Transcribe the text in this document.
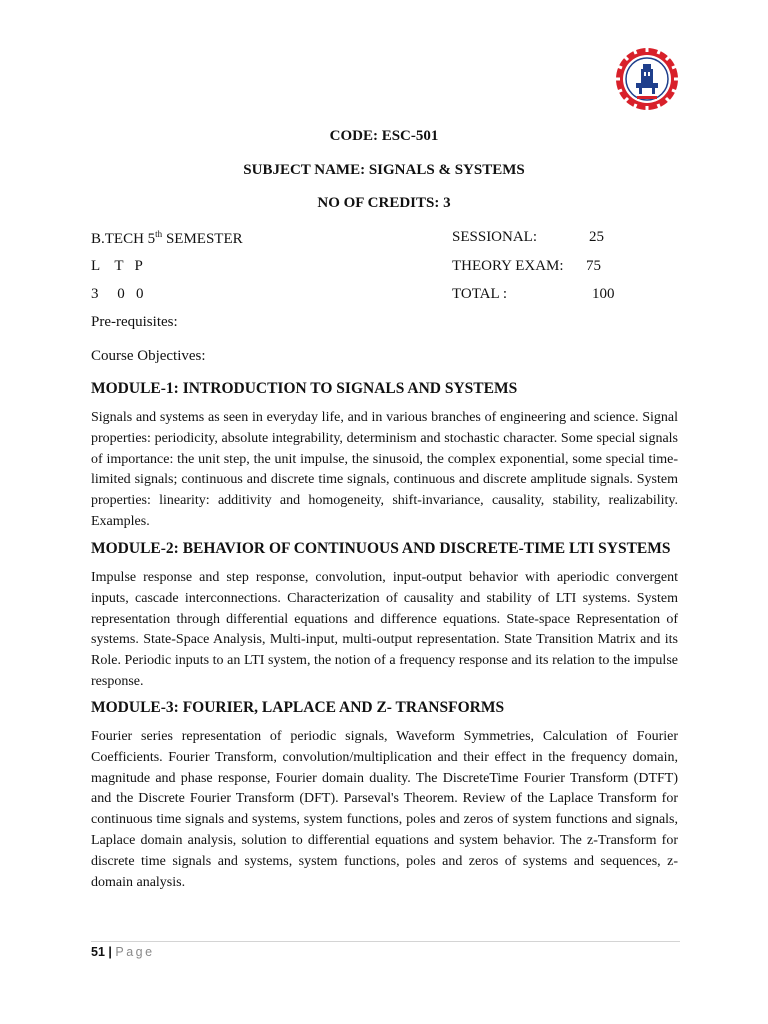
CODE: ESC-501
SUBJECT NAME: SIGNALS & SYSTEMS
NO OF CREDITS: 3
B.TECH 5th SEMESTER
L    T   P
3     0   0
SESSIONAL:	25
THEORY EXAM: 75
TOTAL :	100
Pre-requisites:
Course Objectives:
MODULE-1: INTRODUCTION TO SIGNALS AND SYSTEMS

Signals and systems as seen in everyday life, and in various branches of engineering and science. Signal properties: periodicity, absolute integrability, determinism and stochastic character. Some special signals of importance: the unit step, the unit impulse, the sinusoid, the complex exponential, some special time-limited signals; continuous and discrete time signals, continuous and discrete amplitude signals. System properties: linearity: additivity and homogeneity, shift-invariance, causality, stability, realizability. Examples.

MODULE-2: BEHAVIOR OF CONTINUOUS AND DISCRETE-TIME LTI SYSTEMS

Impulse response and step response, convolution, input-output behavior with aperiodic convergent inputs, cascade interconnections. Characterization of causality and stability of LTI systems. System representation through differential equations and difference equations. State-space Representation of systems. State-Space Analysis, Multi-input, multi-output representation. State Transition Matrix and its Role. Periodic inputs to an LTI system, the notion of a frequency response and its relation to the impulse response.

MODULE-3: FOURIER, LAPLACE AND Z- TRANSFORMS

Fourier series representation of periodic signals, Waveform Symmetries, Calculation of Fourier Coefficients. Fourier Transform, convolution/multiplication and their effect in the frequency domain, magnitude and phase response, Fourier domain duality. The DiscreteTime Fourier Transform (DTFT) and the Discrete Fourier Transform (DFT). Parseval's Theorem. Review of the Laplace Transform for continuous time signals and systems, system functions, poles and zeros of system functions and signals, Laplace domain analysis, solution to differential equations and system behavior. The z-Transform for discrete time signals and systems, system functions, poles and zeros of systems and sequences, z-domain analysis.

51 | Page
